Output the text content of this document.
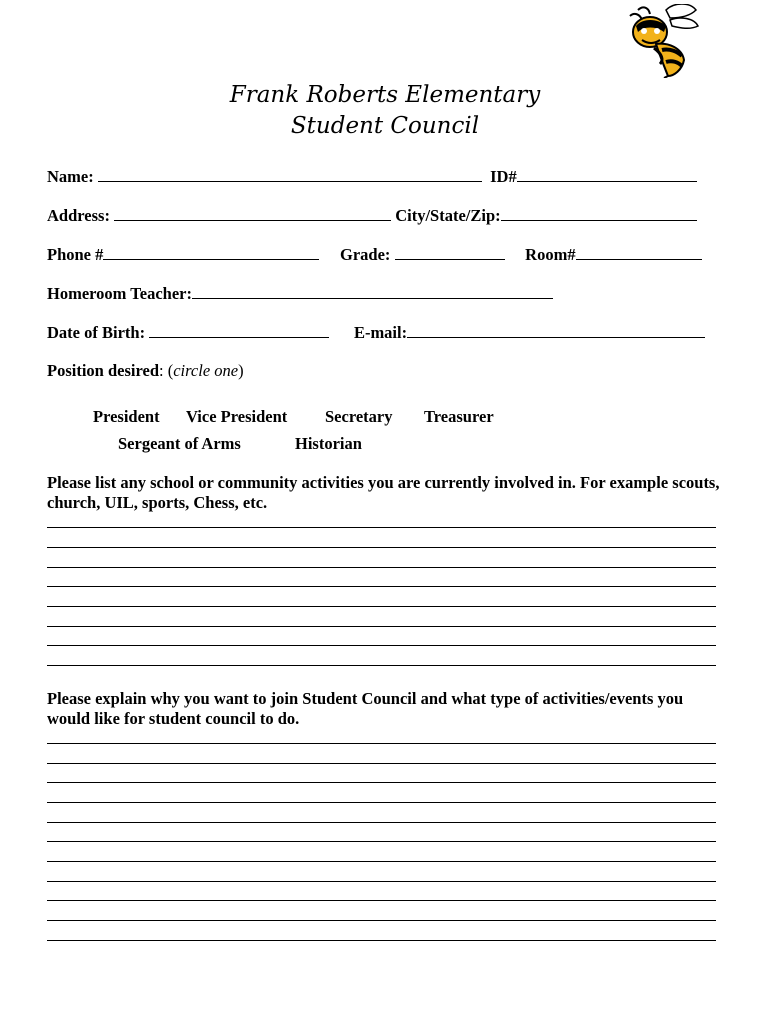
Frank Roberts Elementary
Student Council
Name:	ID#
Address:	City/State/Zip:
Phone #	Grade:	Room#
Homeroom Teacher:
Date of Birth:	E-mail:
Position desired: (circle one)
President Vice President Secretary Treasurer
Sergeant of Arms	Historian
Please list any school or community activities you are currently involved in. For example scouts, church, UIL, sports, Chess, etc.
Please explain why you want to join Student Council and what type of activities/events you would like for student council to do.
